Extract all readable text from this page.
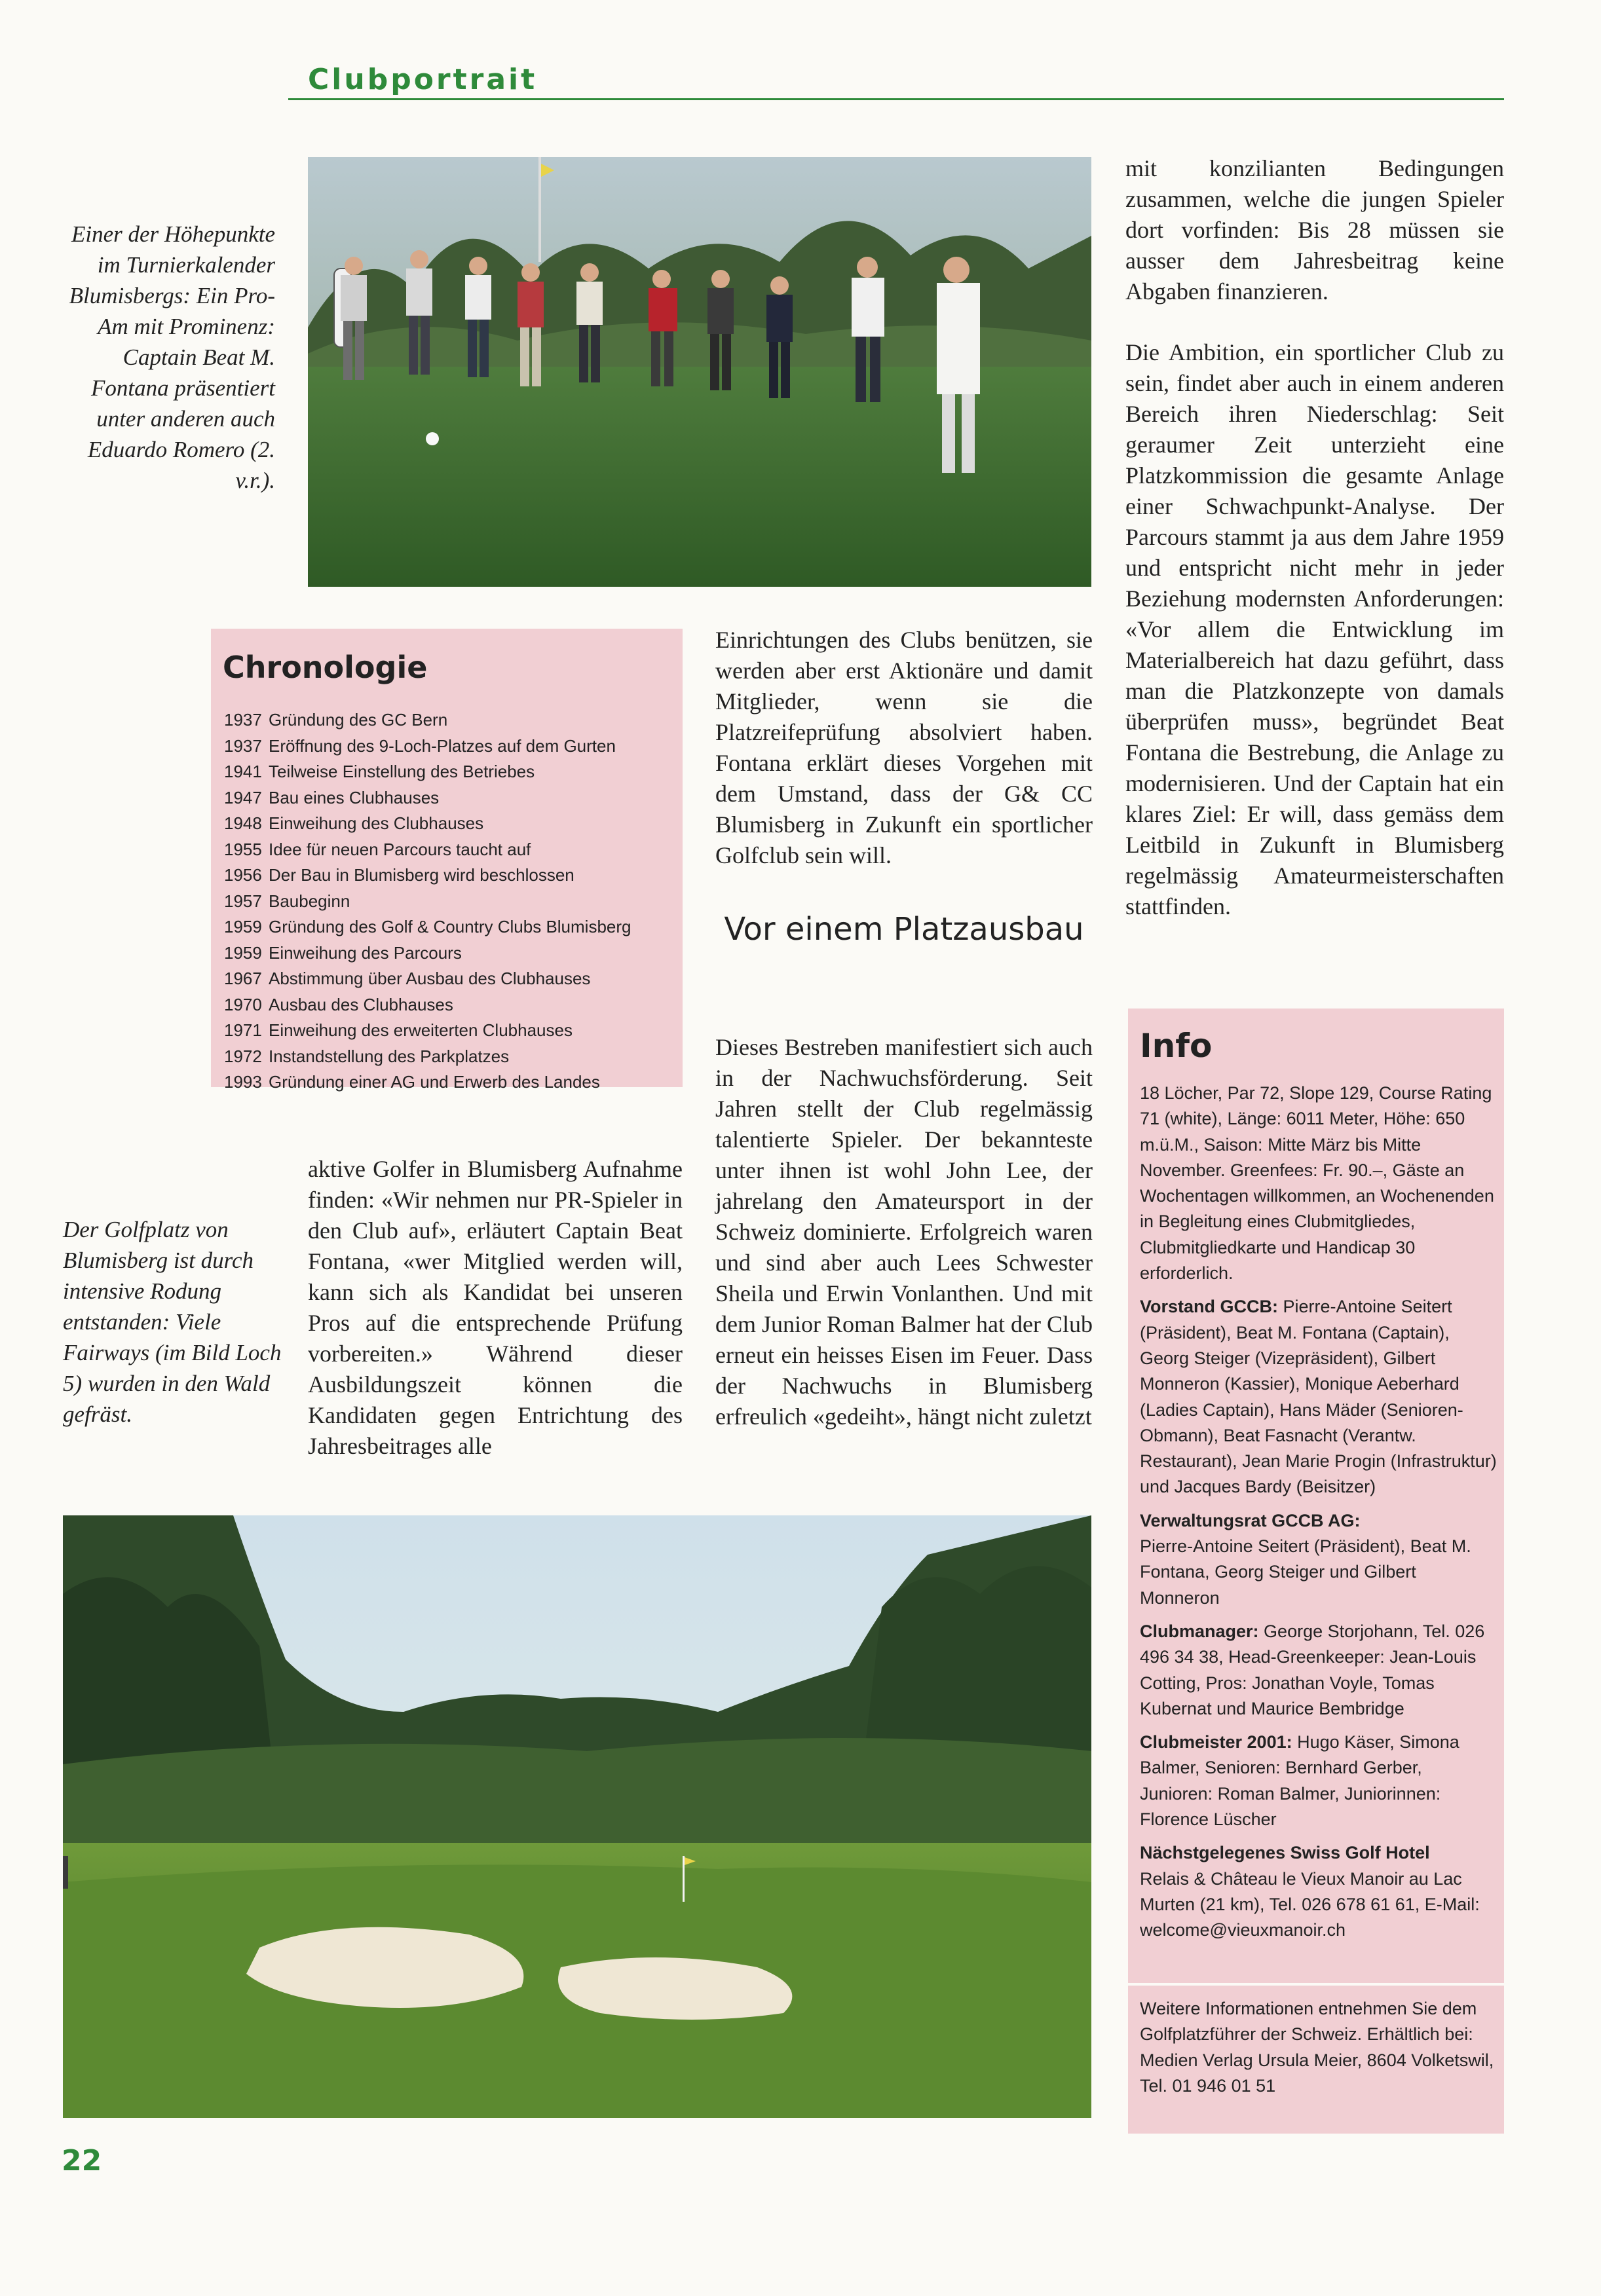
Clubportrait
Einer der Höhepunkte im Turnierkalender Blumisbergs: Ein Pro-Am mit Prominenz: Captain Beat M. Fontana präsentiert unter anderen auch Eduardo Romero (2. v.r.).

mit konzilianten Bedingungen zusammen, welche die jungen Spieler dort vorfinden: Bis 28 müssen sie ausser dem Jahresbeitrag keine Abgaben finanzieren.

Die Ambition, ein sportlicher Club zu sein, findet aber auch in einem anderen Bereich ihren Niederschlag: Seit geraumer Zeit unterzieht eine Platzkommission die gesamte Anlage einer Schwachpunkt-Analyse. Der Parcours stammt ja aus dem Jahre 1959 und entspricht nicht mehr in jeder Beziehung modernsten Anforderungen: «Vor allem die Entwicklung im Materialbereich hat dazu geführt, dass man die Platzkonzepte von damals überprüfen muss», begründet Beat Fontana die Bestrebung, die Anlage zu modernisieren. Und der Captain hat ein klares Ziel: Er will, dass gemäss dem Leitbild in Zukunft in Blumisberg regelmässig Amateurmeisterschaften stattfinden.

Chronologie
1937 Gründung des GC Bern
1937 Eröffnung des 9-Loch-Platzes auf dem Gurten
1941 Teilweise Einstellung des Betriebes
1947 Bau eines Clubhauses
1948 Einweihung des Clubhauses
1955 Idee für neuen Parcours taucht auf
1956 Der Bau in Blumisberg wird beschlossen
1957 Baubeginn
1959 Gründung des Golf & Country Clubs Blumisberg
1959 Einweihung des Parcours
1967 Abstimmung über Ausbau des Clubhauses
1970 Ausbau des Clubhauses
1971 Einweihung des erweiterten Clubhauses
1972 Instandstellung des Parkplatzes
1993 Gründung einer AG und Erwerb des Landes

Einrichtungen des Clubs benützen, sie werden aber erst Aktionäre und damit Mitglieder, wenn sie die Platzreifeprüfung absolviert haben. Fontana erklärt dieses Vorgehen mit dem Umstand, dass der G& CC Blumisberg in Zukunft ein sportlicher Golfclub sein will.

Vor einem Platzausbau

Dieses Bestreben manifestiert sich auch in der Nachwuchsförderung. Seit Jahren stellt der Club regelmässig talentierte Spieler. Der bekannteste unter ihnen ist wohl John Lee, der jahrelang den Amateursport in der Schweiz dominierte. Erfolgreich waren und sind aber auch Lees Schwester Sheila und Erwin Vonlanthen. Und mit dem Junior Roman Balmer hat der Club erneut ein heisses Eisen im Feuer. Dass der Nachwuchs in Blumisberg erfreulich «gedeiht», hängt nicht zuletzt

Der Golfplatz von Blumisberg ist durch intensive Rodung entstanden: Viele Fairways (im Bild Loch 5) wurden in den Wald gefräst.

aktive Golfer in Blumisberg Aufnahme finden: «Wir nehmen nur PR-Spieler in den Club auf», erläutert Captain Beat Fontana, «wer Mitglied werden will, kann sich als Kandidat bei unseren Pros auf die entsprechende Prüfung vorbereiten.» Während dieser Ausbildungszeit können die Kandidaten gegen Entrichtung des Jahresbeitrages alle

Info

18 Löcher, Par 72, Slope 129, Course Rating 71 (white), Länge: 6011 Meter, Höhe: 650 m.ü.M., Saison: Mitte März bis Mitte November. Greenfees: Fr. 90.–, Gäste an Wochentagen willkommen, an Wochenenden in Begleitung eines Clubmitgliedes, Clubmitgliedkarte und Handicap 30 erforderlich.

Vorstand GCCB: Pierre-Antoine Seitert (Präsident), Beat M. Fontana (Captain), Georg Steiger (Vizepräsident), Gilbert Monneron (Kassier), Monique Aeberhard (Ladies Captain), Hans Mäder (Senioren-Obmann), Beat Fasnacht (Verantw. Restaurant), Jean Marie Progin (Infrastruktur) und Jacques Bardy (Beisitzer)

Verwaltungsrat GCCB AG:
Pierre-Antoine Seitert (Präsident), Beat M. Fontana, Georg Steiger und Gilbert Monneron

Clubmanager: George Storjohann, Tel. 026 496 34 38, Head-Greenkeeper: Jean-Louis Cotting, Pros: Jonathan Voyle, Tomas Kubernat und Maurice Bembridge

Clubmeister 2001: Hugo Käser, Simona Balmer, Senioren: Bernhard Gerber, Junioren: Roman Balmer, Juniorinnen: Florence Lüscher

Nächstgelegenes Swiss Golf Hotel
Relais & Château le Vieux Manoir au Lac Murten (21 km), Tel. 026 678 61 61, E-Mail: welcome@vieuxmanoir.ch

Weitere Informationen entnehmen Sie dem Golfplatzführer der Schweiz. Erhältlich bei: Medien Verlag Ursula Meier, 8604 Volketswil, Tel. 01 946 01 51
22
